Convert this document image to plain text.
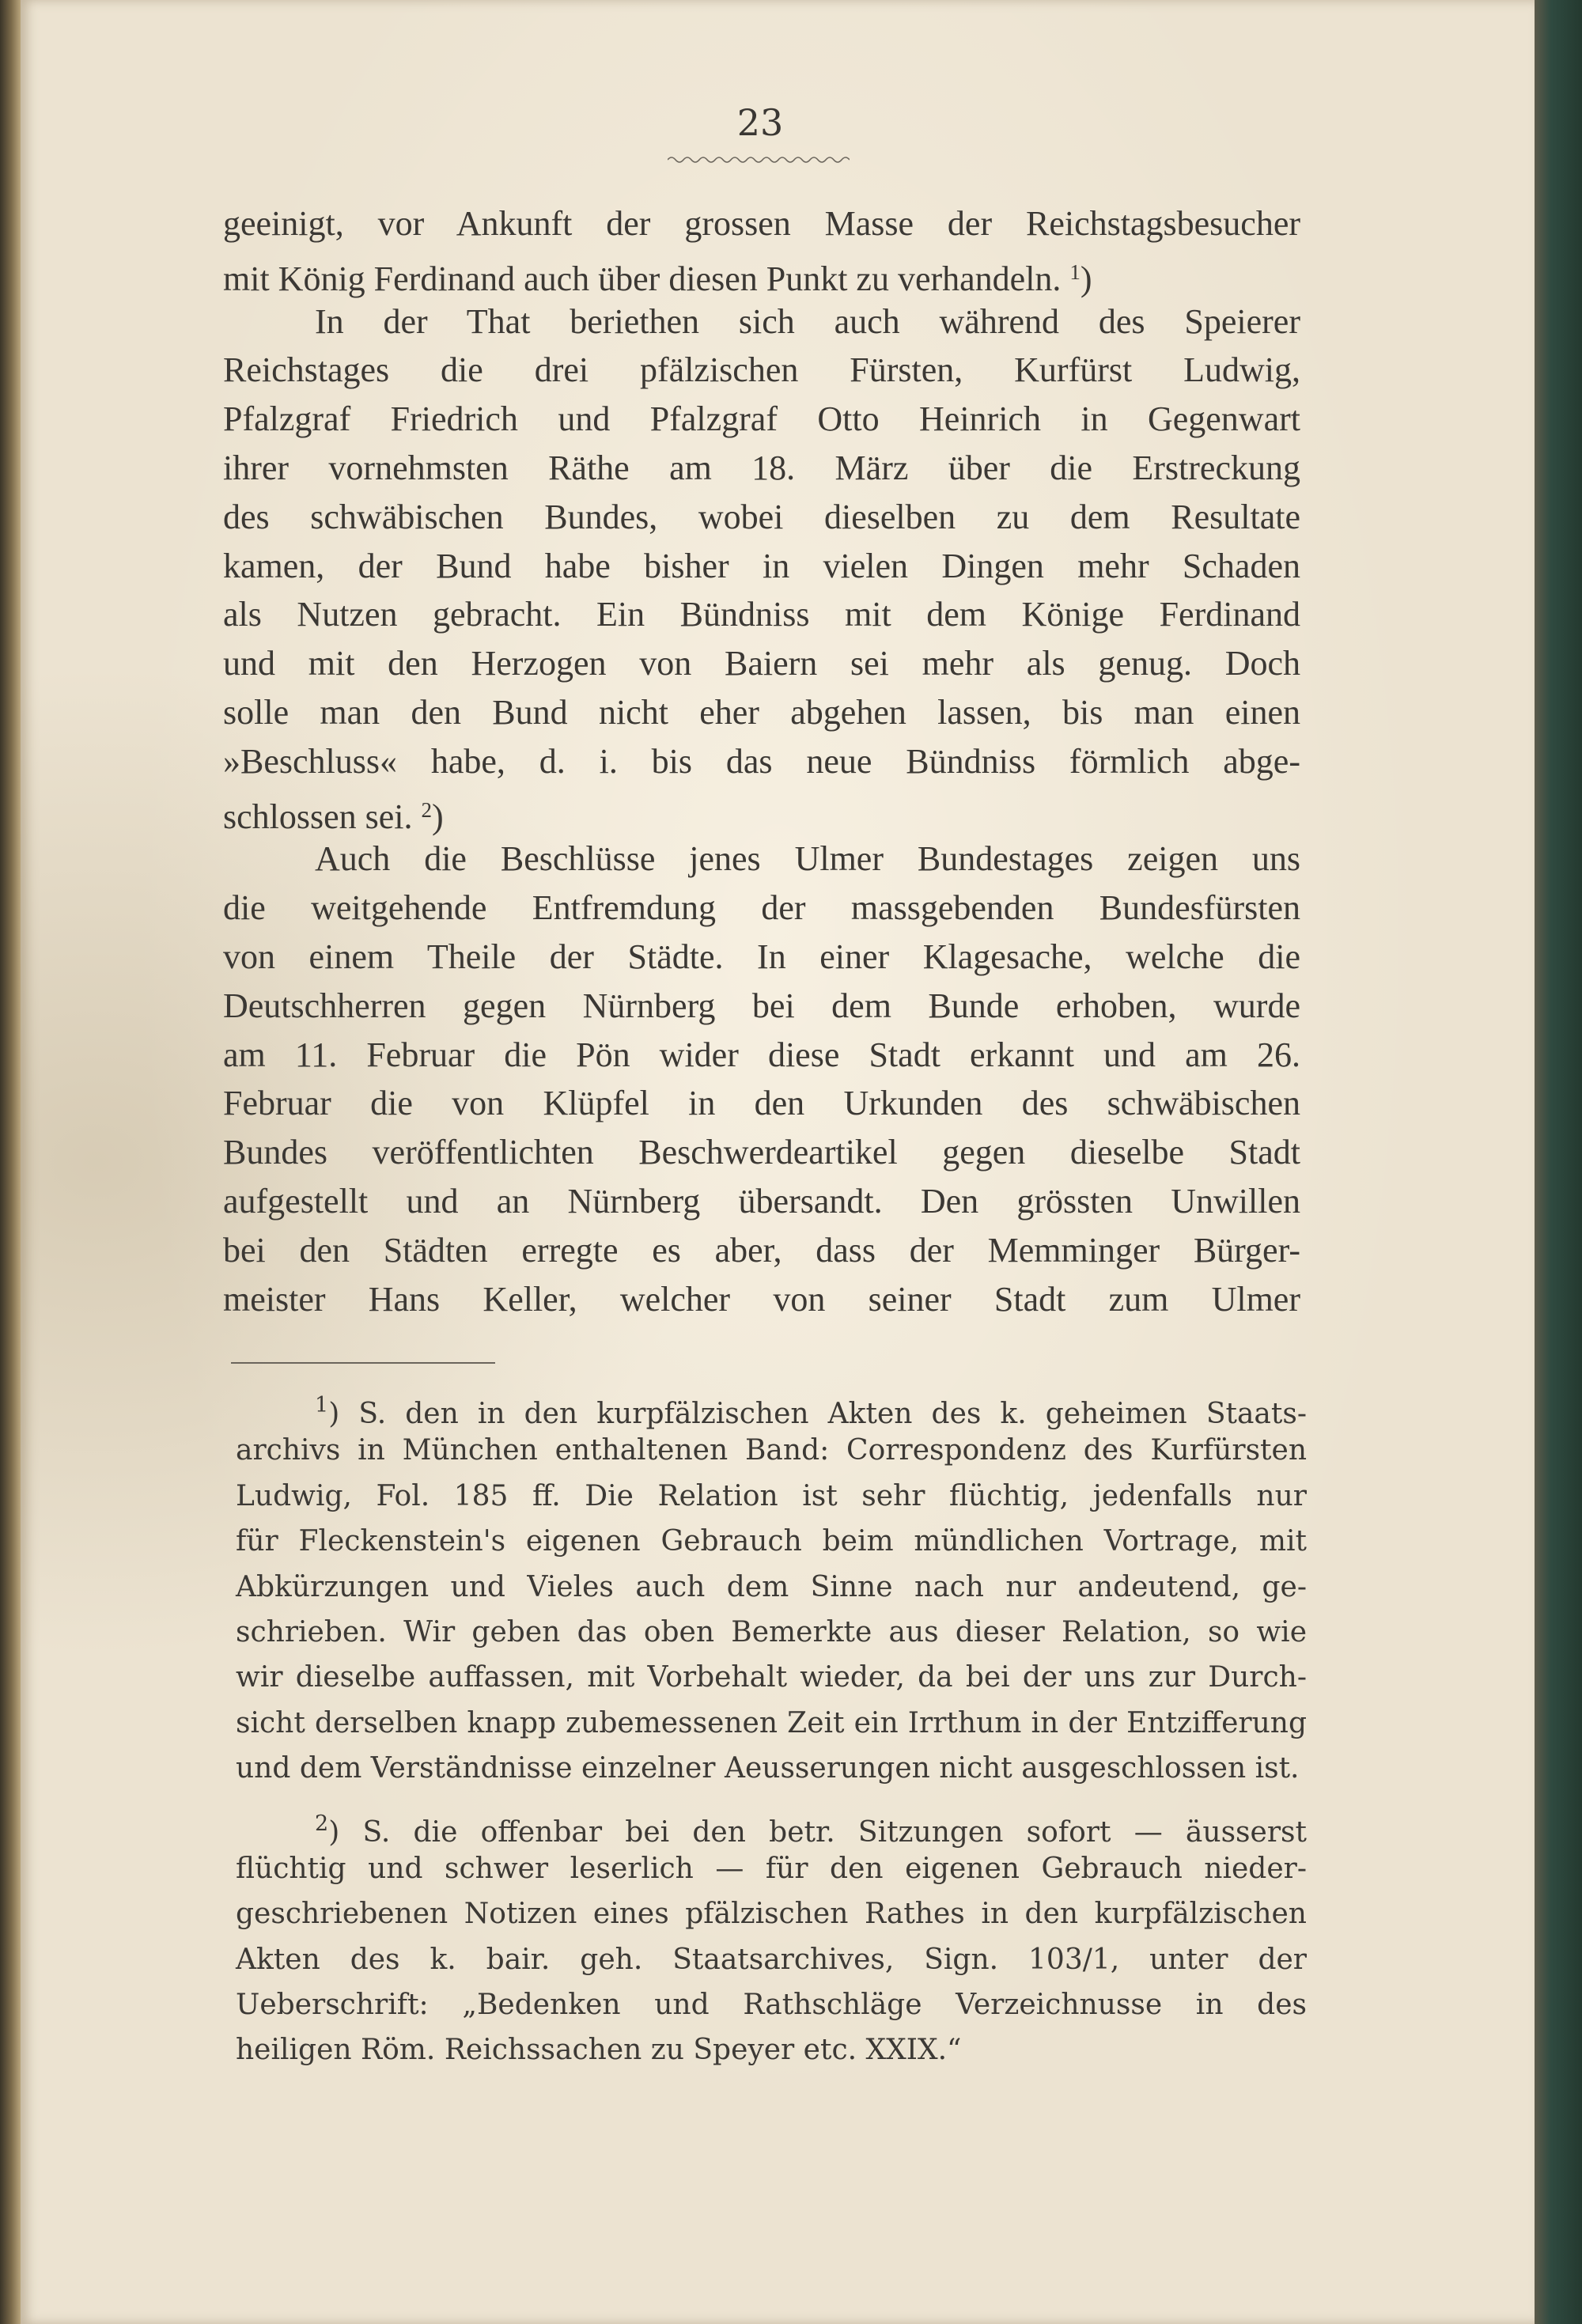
23
geeinigt, vor Ankunft der grossen Masse der Reichstagsbesucher
mit König Ferdinand auch über diesen Punkt zu verhandeln. $^1$)
In der That beriethen sich auch während des Speierer
Reichstages die drei pfälzischen Fürsten, Kurfürst Ludwig,
Pfalzgraf Friedrich und Pfalzgraf Otto Heinrich in Gegenwart
ihrer vornehmsten Räthe am 18. März über die Erstreckung
des schwäbischen Bundes, wobei dieselben zu dem Resultate
kamen, der Bund habe bisher in vielen Dingen mehr Schaden
als Nutzen gebracht. Ein Bündniss mit dem Könige Ferdinand
und mit den Herzogen von Baiern sei mehr als genug. Doch
solle man den Bund nicht eher abgehen lassen, bis man einen
»Beschluss« habe, d. i. bis das neue Bündniss förmlich abge-
schlossen sei. $^2$)
Auch die Beschlüsse jenes Ulmer Bundestages zeigen uns
die weitgehende Entfremdung der massgebenden Bundesfürsten
von einem Theile der Städte. In einer Klagesache, welche die
Deutschherren gegen Nürnberg bei dem Bunde erhoben, wurde
am 11. Februar die Pön wider diese Stadt erkannt und am 26.
Februar die von Klüpfel in den Urkunden des schwäbischen
Bundes veröffentlichten Beschwerdeartikel gegen dieselbe Stadt
aufgestellt und an Nürnberg übersandt. Den grössten Unwillen
bei den Städten erregte es aber, dass der Memminger Bürger-
meister Hans Keller, welcher von seiner Stadt zum Ulmer
$^1$) S. den in den kurpfälzischen Akten des k. geheimen Staats-
archivs in München enthaltenen Band: Correspondenz des Kurfürsten
Ludwig, Fol. 185 ff. Die Relation ist sehr flüchtig, jedenfalls nur
für Fleckenstein's eigenen Gebrauch beim mündlichen Vortrage, mit
Abkürzungen und Vieles auch dem Sinne nach nur andeutend, ge-
schrieben. Wir geben das oben Bemerkte aus dieser Relation, so wie
wir dieselbe auffassen, mit Vorbehalt wieder, da bei der uns zur Durch-
sicht derselben knapp zubemessenen Zeit ein Irrthum in der Entzifferung
und dem Verständnisse einzelner Aeusserungen nicht ausgeschlossen ist.
$^2$) S. die offenbar bei den betr. Sitzungen sofort — äusserst
flüchtig und schwer leserlich — für den eigenen Gebrauch nieder-
geschriebenen Notizen eines pfälzischen Rathes in den kurpfälzischen
Akten des k. bair. geh. Staatsarchives, Sign. 103/1, unter der
Ueberschrift: „Bedenken und Rathschläge Verzeichnusse in des
heiligen Röm. Reichssachen zu Speyer etc. XXIX.“
